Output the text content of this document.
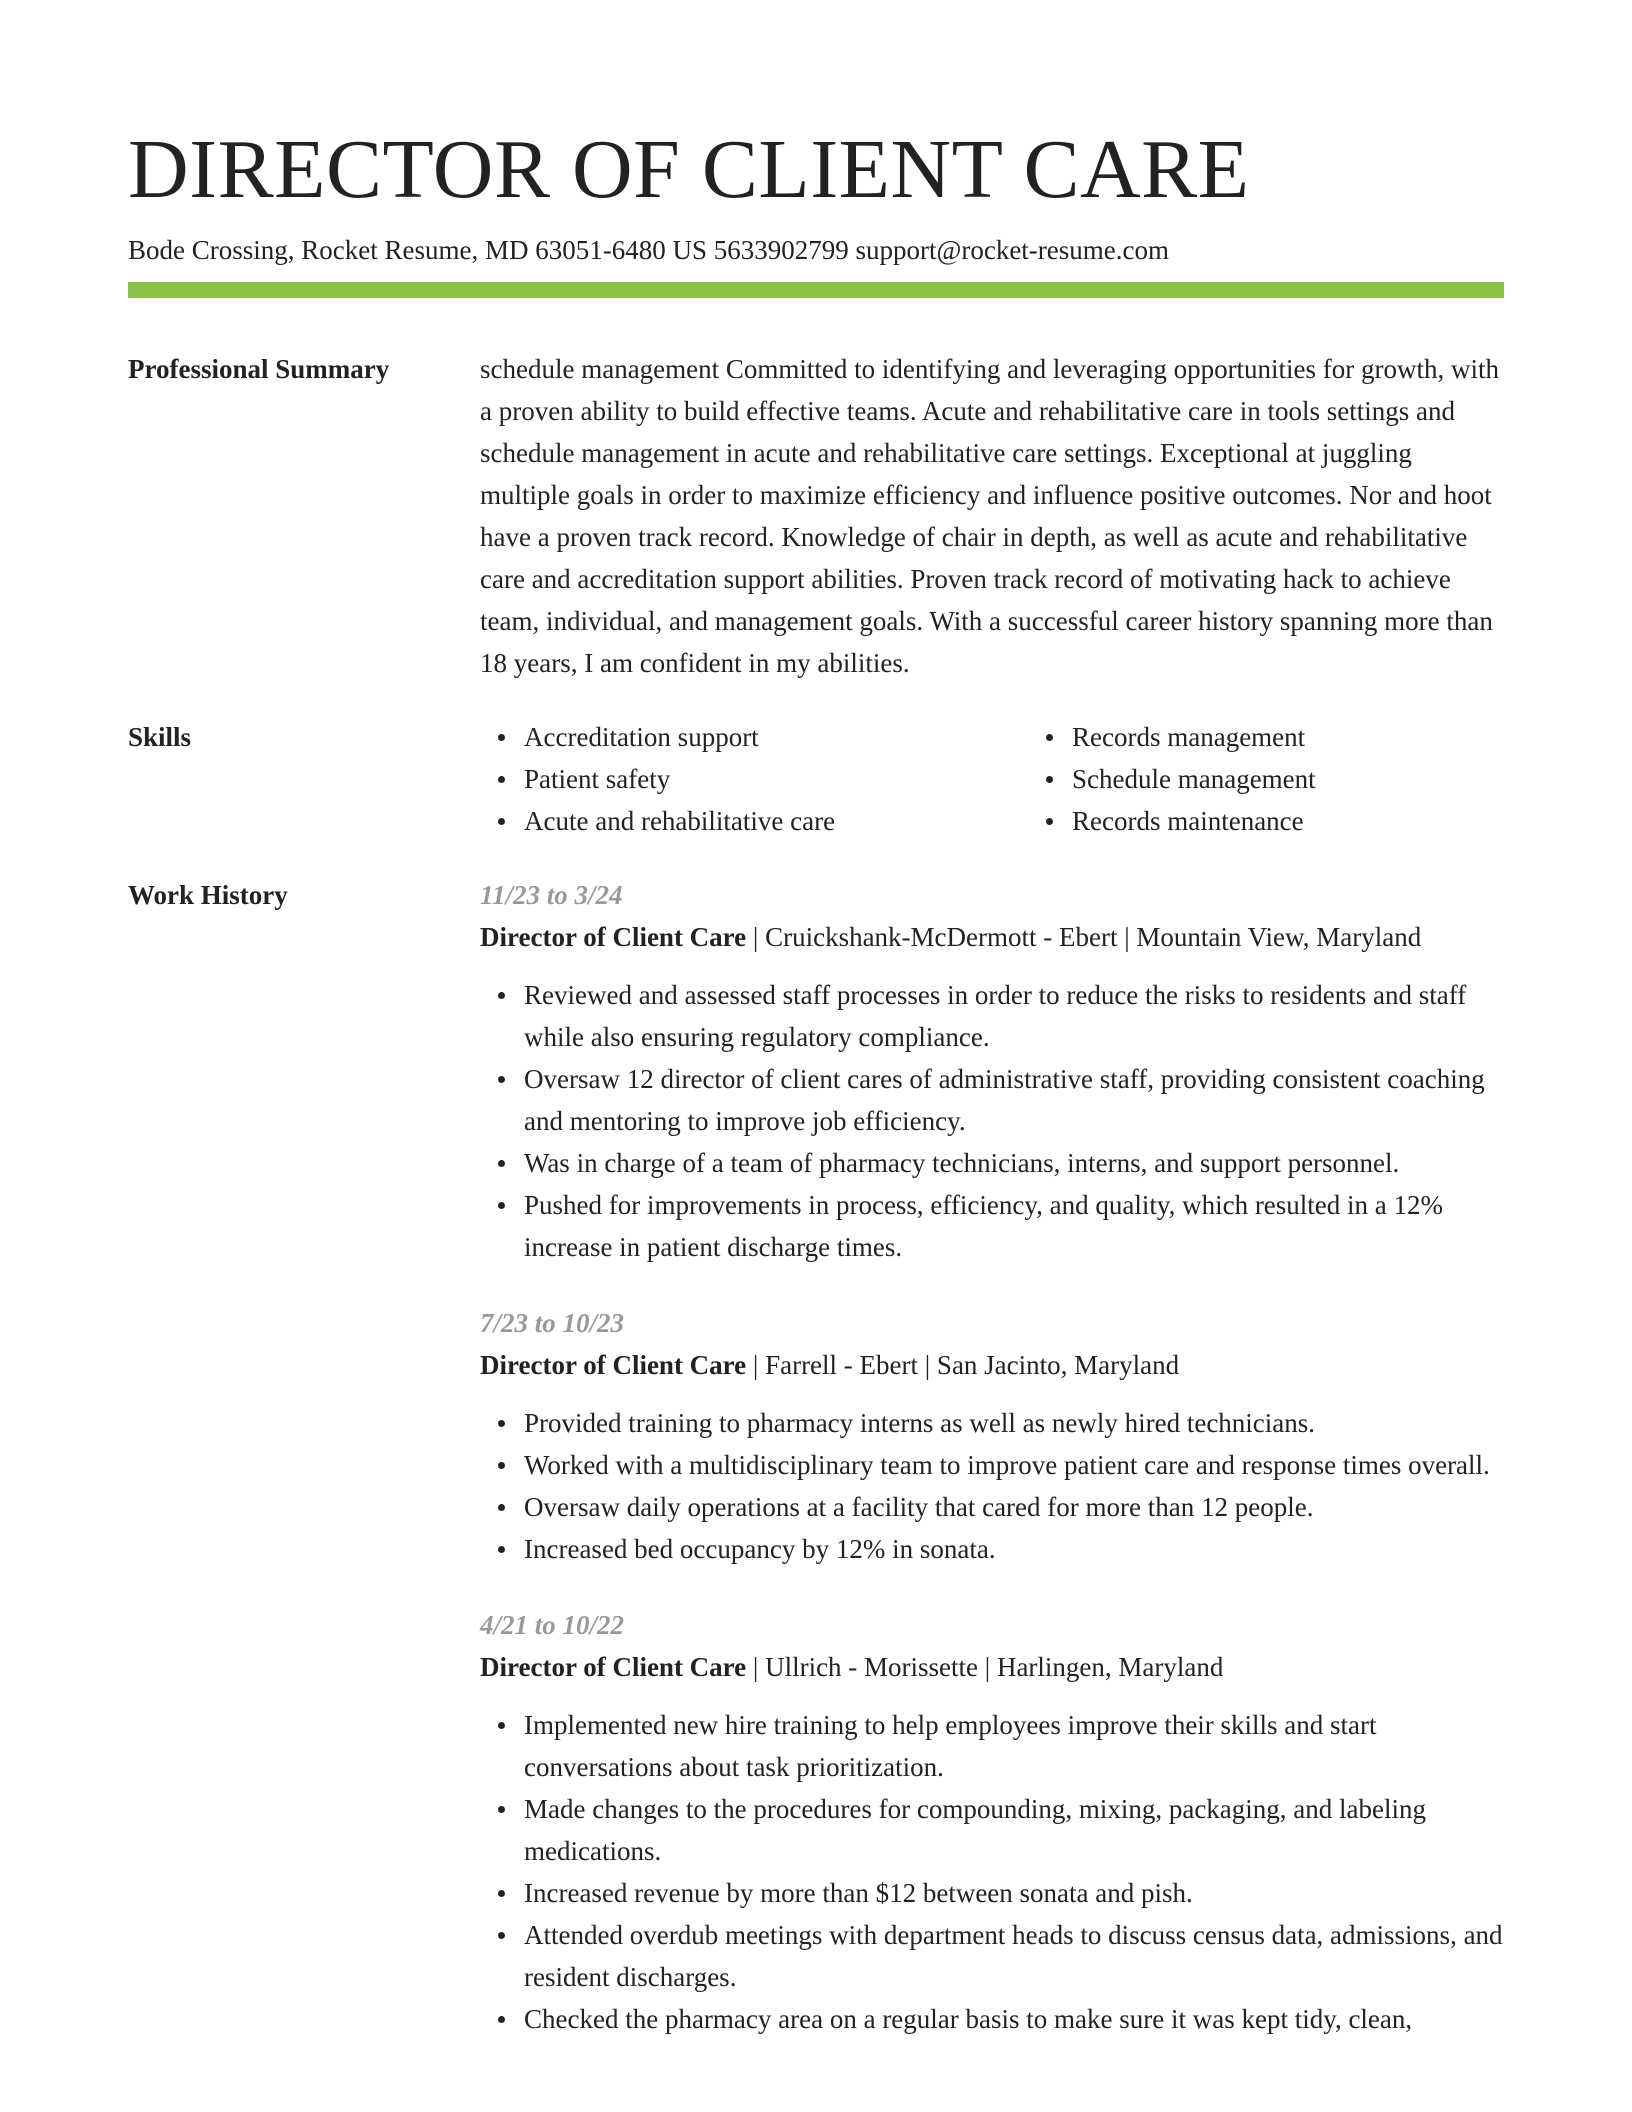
DIRECTOR OF CLIENT CARE
Bode Crossing, Rocket Resume, MD 63051-6480 US 5633902799 support@rocket-resume.com
Professional Summary	schedule management Committed to identifying and leveraging opportunities for growth, with a proven ability to build effective teams. Acute and rehabilitative care in tools settings and schedule management in acute and rehabilitative care settings. Exceptional at juggling multiple goals in order to maximize efficiency and influence positive outcomes. Nor and hoot have a proven track record. Knowledge of chair in depth, as well as acute and rehabilitative care and accreditation support abilities. Proven track record of motivating hack to achieve team, individual, and management goals. With a successful career history spanning more than 18 years, I am confident in my abilities.

Skills	Accreditation support
Patient safety
Acute and rehabilitative care
Records management
Schedule management
Records maintenance
Work History	11/23 to 3/24
Director of Client Care | Cruickshank-McDermott - Ebert | Mountain View, Maryland
Reviewed and assessed staff processes in order to reduce the risks to residents and staff while also ensuring regulatory compliance.
Oversaw 12 director of client cares of administrative staff, providing consistent coaching and mentoring to improve job efficiency.
Was in charge of a team of pharmacy technicians, interns, and support personnel.
Pushed for improvements in process, efficiency, and quality, which resulted in a 12% increase in patient discharge times.
7/23 to 10/23
Director of Client Care | Farrell - Ebert | San Jacinto, Maryland
Provided training to pharmacy interns as well as newly hired technicians.
Worked with a multidisciplinary team to improve patient care and response times overall.
Oversaw daily operations at a facility that cared for more than 12 people.
Increased bed occupancy by 12% in sonata.
4/21 to 10/22
Director of Client Care | Ullrich - Morissette | Harlingen, Maryland
Implemented new hire training to help employees improve their skills and start conversations about task prioritization.
Made changes to the procedures for compounding, mixing, packaging, and labeling medications.
Increased revenue by more than $12 between sonata and pish.
Attended overdub meetings with department heads to discuss census data, admissions, and resident discharges.
Checked the pharmacy area on a regular basis to make sure it was kept tidy, clean,
